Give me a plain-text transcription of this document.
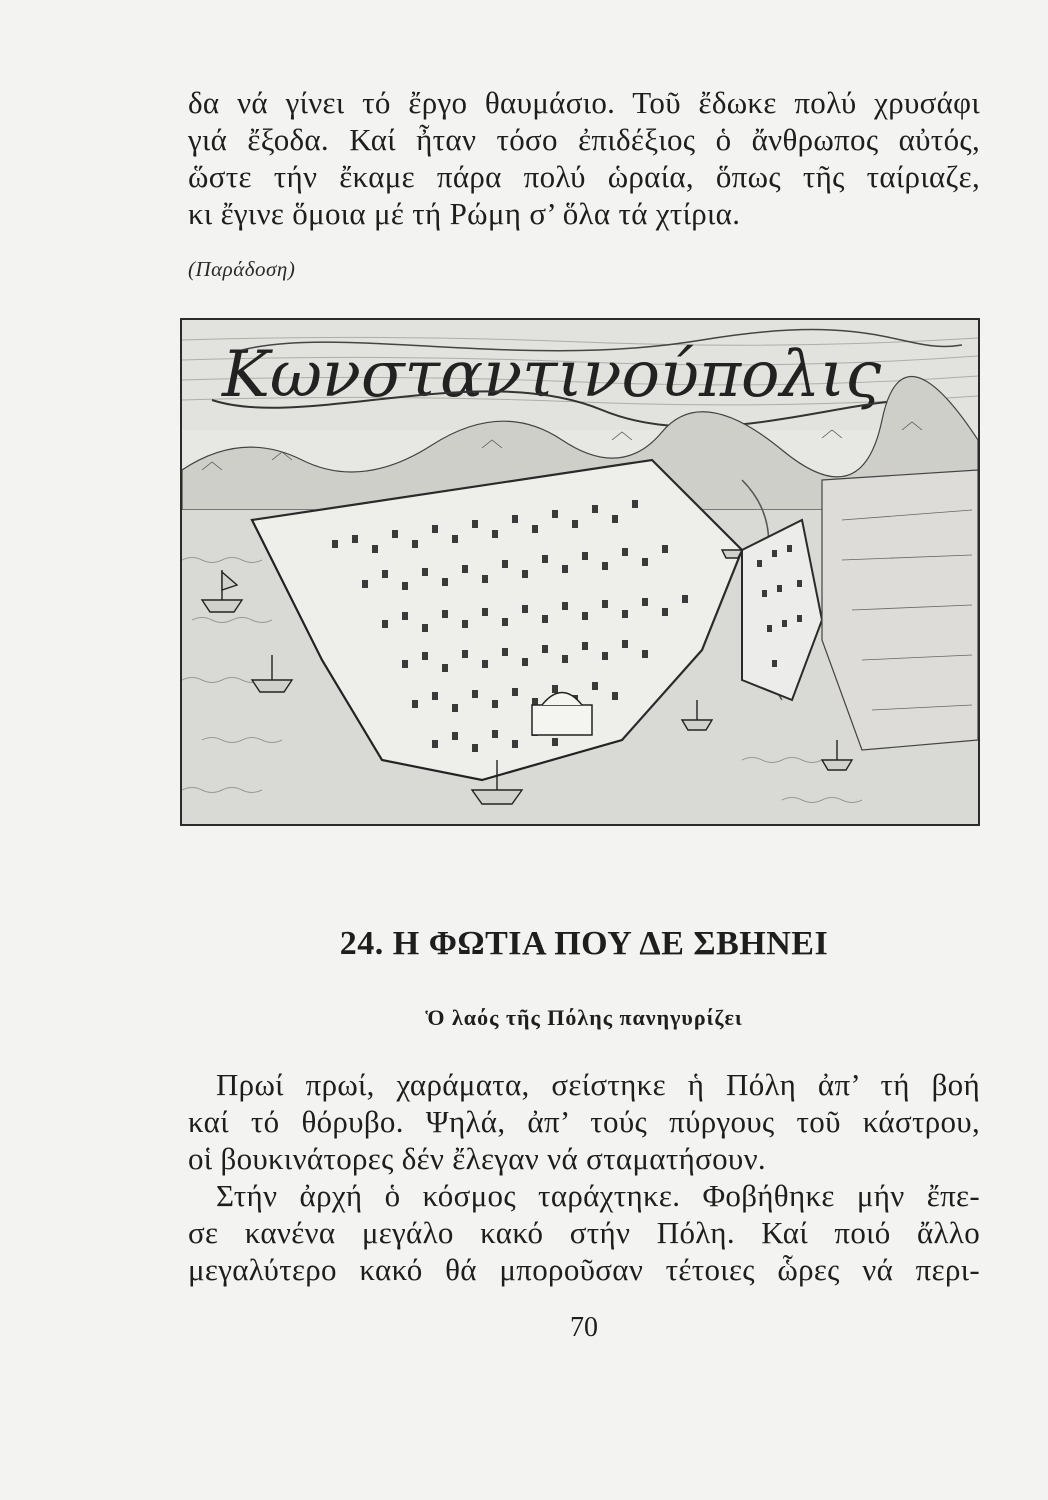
δα νά γίνει τό ἔργο θαυμάσιο. Τοῦ ἔδωκε πολύ χρυσάφι
γιά ἔξοδα. Καί ἦταν τόσο ἐπιδέξιος ὁ ἄνθρωπος αὐτός,
ὥστε τήν ἔκαμε πάρα πολύ ὡραία, ὅπως τῆς ταίριαζε,
κι ἔγινε ὅμοια μέ τή Ρώμη σ’ ὅλα τά χτίρια.
(Παράδοση)
Κωνσταντινούπολις
24. Η ΦΩΤΙΑ ΠΟΥ ΔΕ ΣΒΗΝΕΙ
Ὁ λαός τῆς Πόλης πανηγυρίζει
Πρωί πρωί, χαράματα, σείστηκε ἡ Πόλη ἀπ’ τή βοή
καί τό θόρυβο. Ψηλά, ἀπ’ τούς πύργους τοῦ κάστρου,
οἱ βουκινάτορες δέν ἔλεγαν νά σταματήσουν.
Στήν ἀρχή ὁ κόσμος ταράχτηκε. Φοβήθηκε μήν ἔπε-
σε κανένα μεγάλο κακό στήν Πόλη. Καί ποιό ἄλλο
μεγαλύτερο κακό θά μποροῦσαν τέτοιες ὧρες νά περι-
70
